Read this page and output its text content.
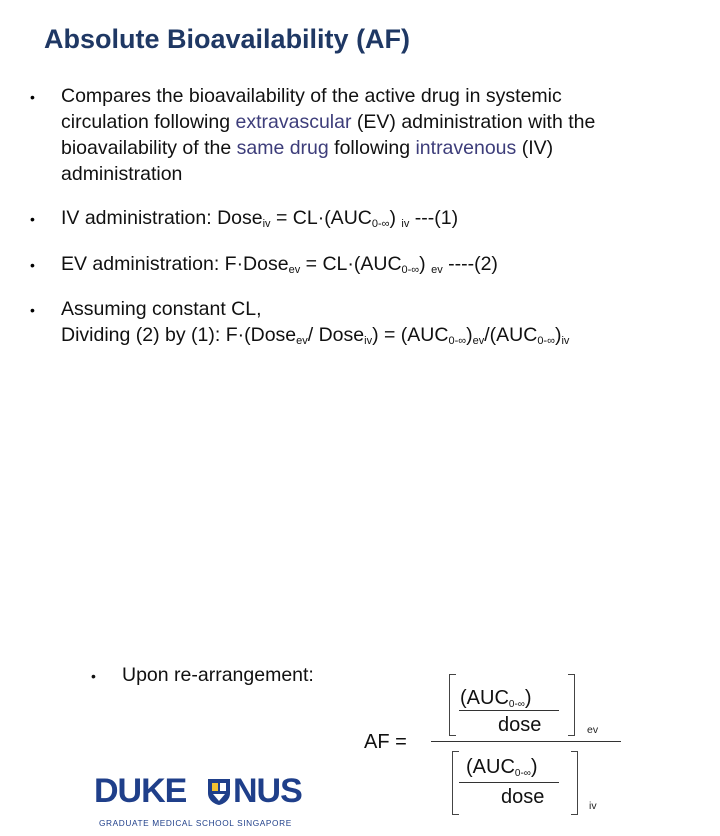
Absolute Bioavailability (AF)
• Compares the bioavailability of the active drug in systemic
circulation following extravascular (EV) administration with the
bioavailability of the same drug following intravenous (IV)
administration
• IV administration: Dose$_{iv}$ = $CL\cdot(AUC_{0-\infty})$ $_{iv}$ ---(1)
• EV administration: F·Dose$_{ev}$ = $CL\cdot(AUC_{0-\infty})$ $_{ev}$ ----(2)
• Assuming constant CL,
Dividing (2) by (1): F·(Dose$_{ev}$/ Dose$_{iv}$) = $(AUC_{0-\infty})_{ev}/(AUC_{0-\infty})_{iv}$
• Upon re-arrangement:
AF =
$(AUC_{0-\infty})$
dose	ev
$(AUC_{0-\infty})$
dose	iv
DUKE NUS
GRADUATE MEDICAL SCHOOL SINGAPORE
